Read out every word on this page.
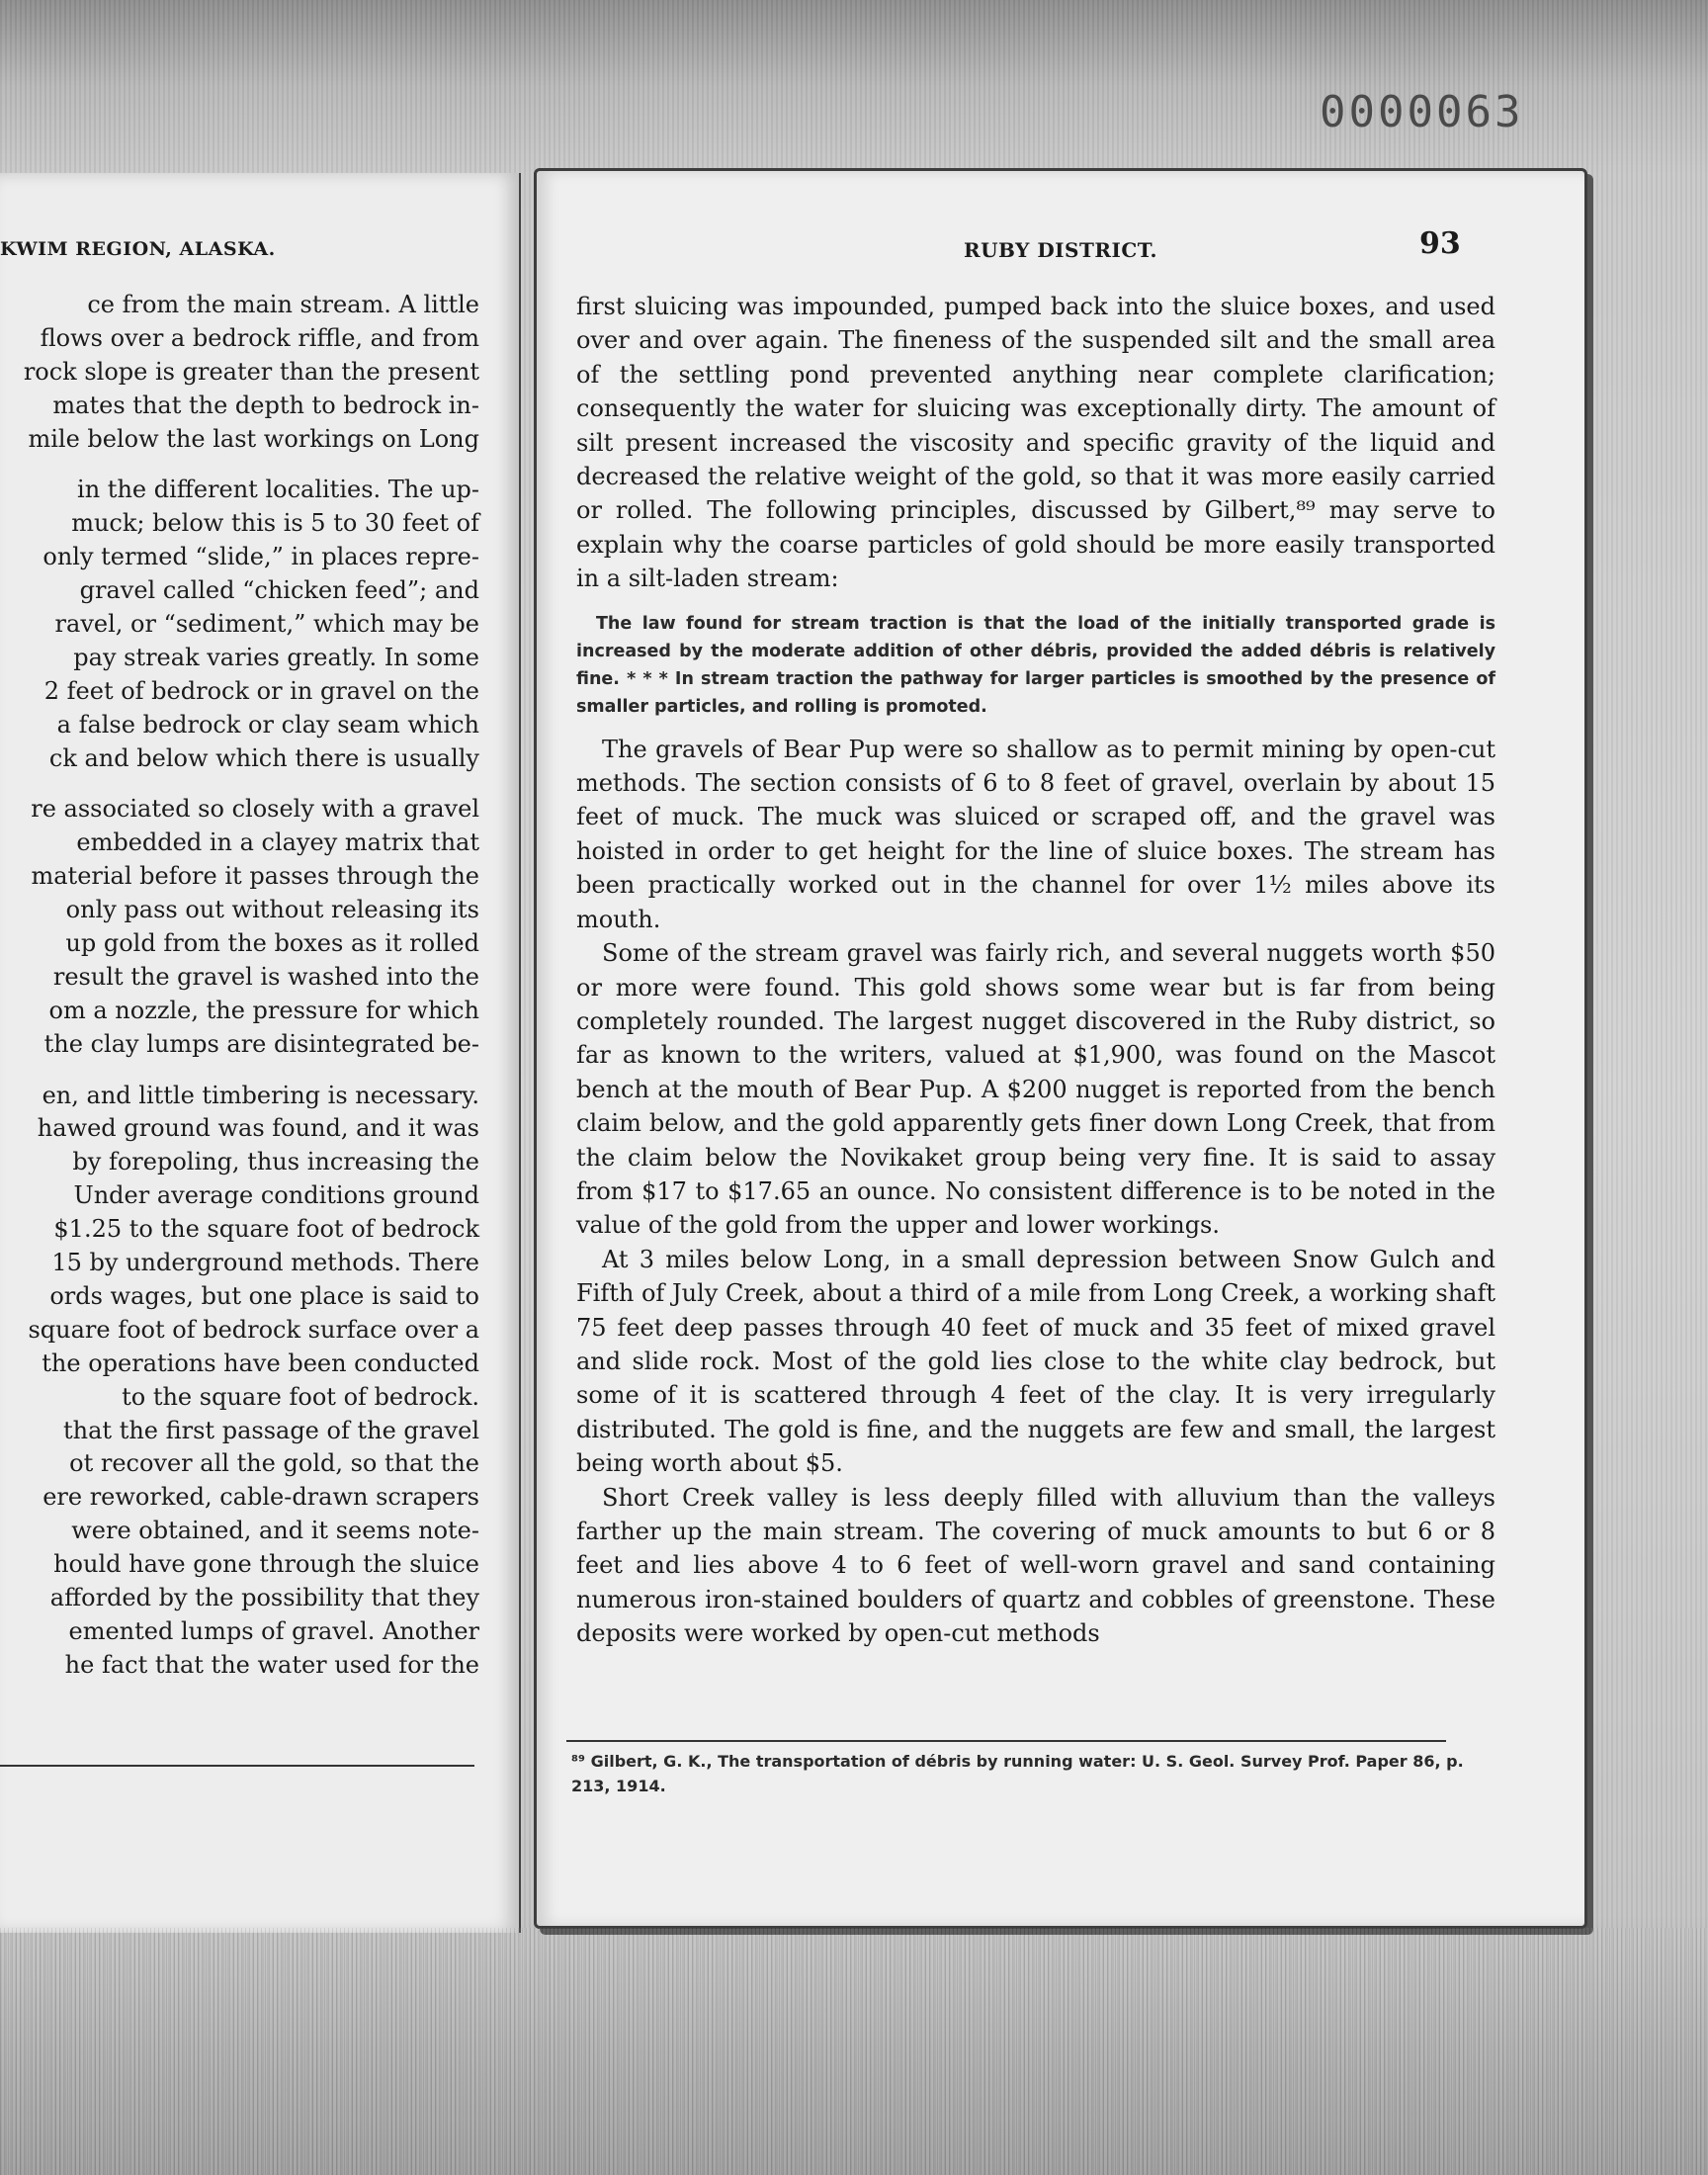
0000063
KWIM REGION, ALASKA.
ce from the main stream. A little
flows over a bedrock riffle, and from
rock slope is greater than the present
mates that the depth to bedrock in-
mile below the last workings on Long
in the different localities. The up-
muck; below this is 5 to 30 feet of
only termed “slide,” in places repre-
gravel called “chicken feed”; and
ravel, or “sediment,” which may be
pay streak varies greatly. In some
2 feet of bedrock or in gravel on the
a false bedrock or clay seam which
ck and below which there is usually
re associated so closely with a gravel
embedded in a clayey matrix that
material before it passes through the
only pass out without releasing its
up gold from the boxes as it rolled
result the gravel is washed into the
om a nozzle, the pressure for which
the clay lumps are disintegrated be-
en, and little timbering is necessary.
hawed ground was found, and it was
by forepoling, thus increasing the
Under average conditions ground
$1.25 to the square foot of bedrock
15 by underground methods. There
ords wages, but one place is said to
square foot of bedrock surface over a
the operations have been conducted
to the square foot of bedrock.
that the first passage of the gravel
ot recover all the gold, so that the
ere reworked, cable-drawn scrapers
were obtained, and it seems note-
hould have gone through the sluice
afforded by the possibility that they
emented lumps of gravel. Another
he fact that the water used for the
RUBY DISTRICT.	93

first sluicing was impounded, pumped back into the sluice boxes, and used over and over again. The fineness of the suspended silt and the small area of the settling pond prevented anything near complete clarification; consequently the water for sluicing was exceptionally dirty. The amount of silt present increased the viscosity and specific gravity of the liquid and decreased the relative weight of the gold, so that it was more easily carried or rolled. The following principles, discussed by Gilbert,⁸⁹ may serve to explain why the coarse particles of gold should be more easily transported in a silt-laden stream:

The law found for stream traction is that the load of the initially transported grade is increased by the moderate addition of other débris, provided the added débris is relatively fine. * * * In stream traction the pathway for larger particles is smoothed by the presence of smaller particles, and rolling is promoted.

The gravels of Bear Pup were so shallow as to permit mining by open-cut methods. The section consists of 6 to 8 feet of gravel, overlain by about 15 feet of muck. The muck was sluiced or scraped off, and the gravel was hoisted in order to get height for the line of sluice boxes. The stream has been practically worked out in the channel for over 1½ miles above its mouth.

Some of the stream gravel was fairly rich, and several nuggets worth $50 or more were found. This gold shows some wear but is far from being completely rounded. The largest nugget discovered in the Ruby district, so far as known to the writers, valued at $1,900, was found on the Mascot bench at the mouth of Bear Pup. A $200 nugget is reported from the bench claim below, and the gold apparently gets finer down Long Creek, that from the claim below the Novikaket group being very fine. It is said to assay from $17 to $17.65 an ounce. No consistent difference is to be noted in the value of the gold from the upper and lower workings.

At 3 miles below Long, in a small depression between Snow Gulch and Fifth of July Creek, about a third of a mile from Long Creek, a working shaft 75 feet deep passes through 40 feet of muck and 35 feet of mixed gravel and slide rock. Most of the gold lies close to the white clay bedrock, but some of it is scattered through 4 feet of the clay. It is very irregularly distributed. The gold is fine, and the nuggets are few and small, the largest being worth about $5.

Short Creek valley is less deeply filled with alluvium than the valleys farther up the main stream. The covering of muck amounts to but 6 or 8 feet and lies above 4 to 6 feet of well-worn gravel and sand containing numerous iron-stained boulders of quartz and cobbles of greenstone. These deposits were worked by open-cut methods

⁸⁹ Gilbert, G. K., The transportation of débris by running water: U. S. Geol. Survey Prof. Paper 86, p. 213, 1914.
